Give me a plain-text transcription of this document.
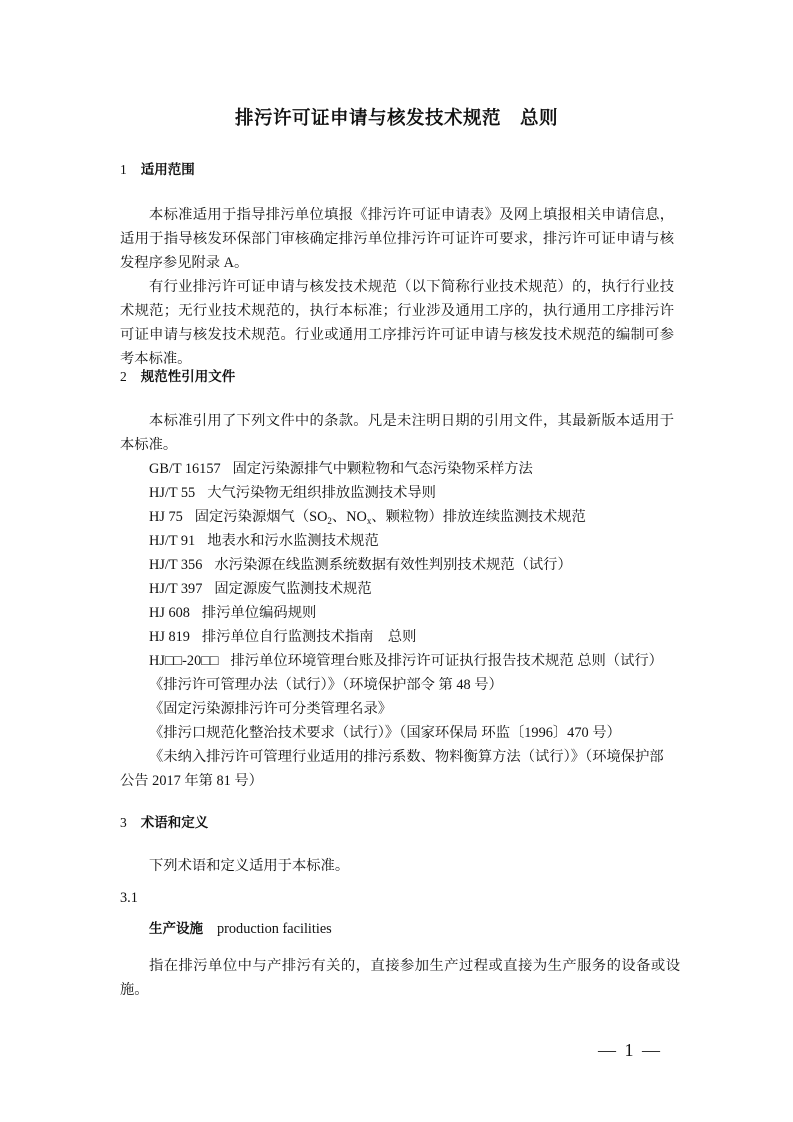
排污许可证申请与核发技术规范　总则
1 适用范围

本标准适用于指导排污单位填报《排污许可证申请表》及网上填报相关申请信息，适用于指导核发环保部门审核确定排污单位排污许可证许可要求，排污许可证申请与核发程序参见附录 A。

有行业排污许可证申请与核发技术规范（以下简称行业技术规范）的，执行行业技术规范；无行业技术规范的，执行本标准；行业涉及通用工序的，执行通用工序排污许可证申请与核发技术规范。行业或通用工序排污许可证申请与核发技术规范的编制可参考本标准。

2 规范性引用文件

本标准引用了下列文件中的条款。凡是未注明日期的引用文件，其最新版本适用于本标准。

GB/T 16157 固定污染源排气中颗粒物和气态污染物采样方法

HJ/T 55 大气污染物无组织排放监测技术导则

HJ 75 固定污染源烟气（$SO_2$、$NO_x$、颗粒物）排放连续监测技术规范

HJ/T 91 地表水和污水监测技术规范

HJ/T 356 水污染源在线监测系统数据有效性判别技术规范（试行）

HJ/T 397 固定源废气监测技术规范

HJ 608 排污单位编码规则

HJ 819 排污单位自行监测技术指南　总则

HJ□□-20□□ 排污单位环境管理台账及排污许可证执行报告技术规范 总则（试行）

《排污许可管理办法（试行）》（环境保护部令 第 48 号）

《固定污染源排污许可分类管理名录》

《排污口规范化整治技术要求（试行）》（国家环保局 环监〔1996〕470 号）

《未纳入排污许可管理行业适用的排污系数、物料衡算方法（试行）》（环境保护部公告 2017 年第 81 号）

3 术语和定义

下列术语和定义适用于本标准。

3.1
生产设施 production facilities

指在排污单位中与产排污有关的，直接参加生产过程或直接为生产服务的设备或设施。

— 1 —
